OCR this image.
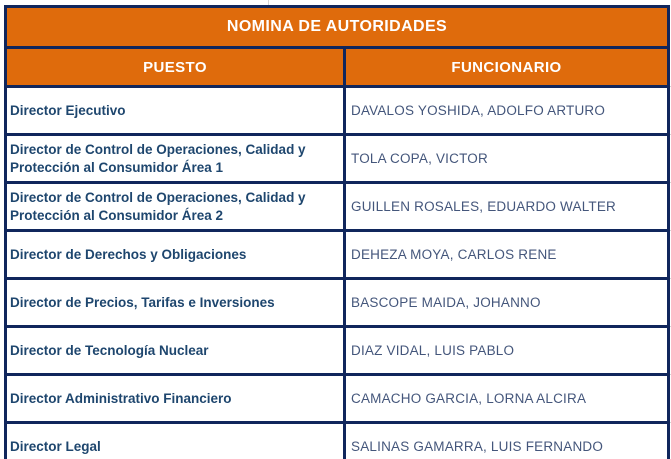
NOMINA DE AUTORIDADES	
PUESTO	FUNCIONARIO
Director Ejecutivo	DAVALOS YOSHIDA, ADOLFO ARTURO
Director de Control de Operaciones, Calidad y Protección al Consumidor Área 1	TOLA COPA, VICTOR
Director de Control de Operaciones, Calidad y Protección al Consumidor Área 2	GUILLEN ROSALES, EDUARDO WALTER
Director de Derechos y Obligaciones	DEHEZA MOYA, CARLOS RENE
Director de Precios, Tarifas e Inversiones	BASCOPE MAIDA, JOHANNO
Director de Tecnología Nuclear	DIAZ VIDAL, LUIS PABLO
Director Administrativo Financiero	CAMACHO GARCIA, LORNA ALCIRA
Director Legal	SALINAS GAMARRA, LUIS FERNANDO
